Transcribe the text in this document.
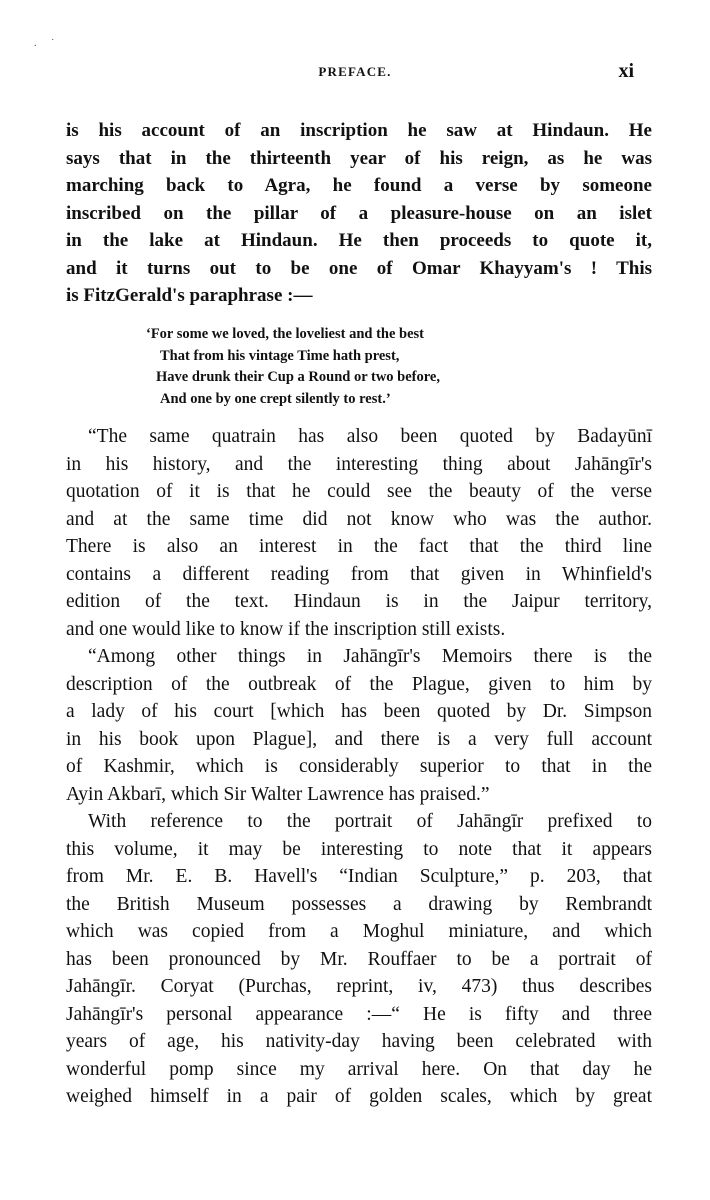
. ˙
PREFACE.	xi
is his account of an inscription he saw at Hindaun. He
says that in the thirteenth year of his reign, as he was
marching back to Agra, he found a verse by someone
inscribed on the pillar of a pleasure-house on an islet
in the lake at Hindaun. He then proceeds to quote it,
and it turns out to be one of Omar Khayyam's ! This
is FitzGerald's paraphrase :—
‘For some we loved, the loveliest and the best
That from his vintage Time hath prest,
Have drunk their Cup a Round or two before,
And one by one crept silently to rest.’
“The same quatrain has also been quoted by Badayūnī
in his history, and the interesting thing about Jahāngīr's
quotation of it is that he could see the beauty of the verse
and at the same time did not know who was the author.
There is also an interest in the fact that the third line
contains a different reading from that given in Whinfield's
edition of the text. Hindaun is in the Jaipur territory,
and one would like to know if the inscription still exists.
“Among other things in Jahāngīr's Memoirs there is the
description of the outbreak of the Plague, given to him by
a lady of his court [which has been quoted by Dr. Simpson
in his book upon Plague], and there is a very full account
of Kashmir, which is considerably superior to that in the
Ayin Akbarī, which Sir Walter Lawrence has praised.”
With reference to the portrait of Jahāngīr prefixed to
this volume, it may be interesting to note that it appears
from Mr. E. B. Havell's “Indian Sculpture,” p. 203, that
the British Museum possesses a drawing by Rembrandt
which was copied from a Moghul miniature, and which
has been pronounced by Mr. Rouffaer to be a portrait of
Jahāngīr. Coryat (Purchas, reprint, iv, 473) thus describes
Jahāngīr's personal appearance :—“ He is fifty and three
years of age, his nativity-day having been celebrated with
wonderful pomp since my arrival here. On that day he
weighed himself in a pair of golden scales, which by great
